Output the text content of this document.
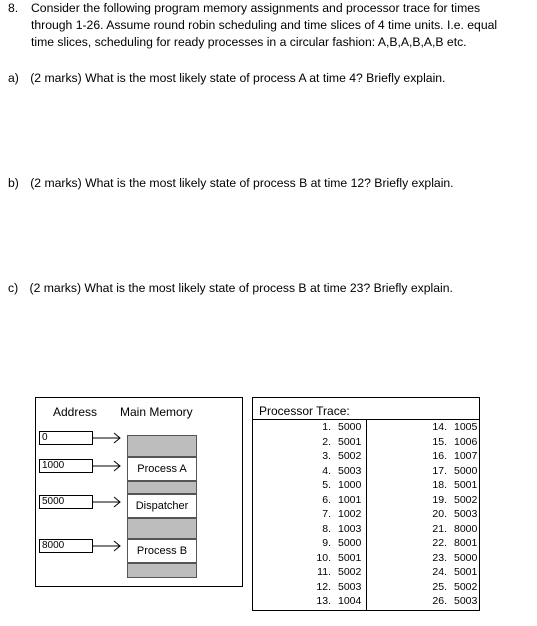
8. Consider the following program memory assignments and processor trace for times
through 1-26. Assume round robin scheduling and time slices of 4 time units. I.e. equal
time slices, scheduling for ready processes in a circular fashion: A,B,A,B,A,B etc.
a) (2 marks) What is the most likely state of process A at time 4? Briefly explain.
b) (2 marks) What is the most likely state of process B at time 12? Briefly explain.
c) (2 marks) What is the most likely state of process B at time 23? Briefly explain.
Address Main Memory
0
1000
5000
8000
Process A
Dispatcher
Process B
Processor Trace:
1. 5000
2. 5001
3. 5002
4. 5003
5. 1000
6. 1001
7. 1002
8. 1003
9. 5000
10. 5001
11. 5002
12. 5003
13. 1004
14. 1005
15. 1006
16. 1007
17. 5000
18. 5001
19. 5002
20. 5003
21. 8000
22. 8001
23. 5000
24. 5001
25. 5002
26. 5003
